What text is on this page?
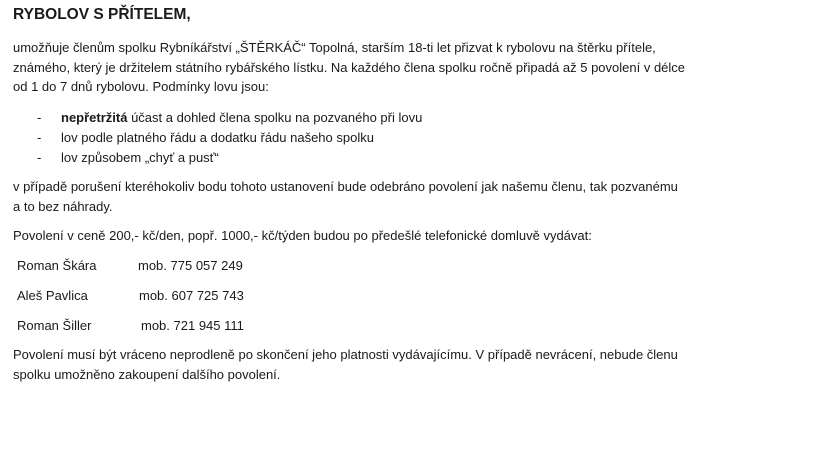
RYBOLOV S PŘÍTELEM,
umožňuje členům spolku Rybníkářství „ŠTĚRKÁČ“ Topolná, starším 18-ti let přizvat k rybolovu na štěrku přítele,
známého, který je držitelem státního rybářského lístku. Na každého člena spolku ročně připadá až 5 povolení v délce
od 1 do 7 dnů rybolovu. Podmínky lovu jsou:
- nepřetržitá účast a dohled člena spolku na pozvaného při lovu
- lov podle platného řádu a dodatku řádu našeho spolku
- lov způsobem „chyť a pusť“
v případě porušení kteréhokoliv bodu tohoto ustanovení bude odebráno povolení jak našemu členu, tak pozvanému
a to bez náhrady.
Povolení v ceně 200,- kč/den, popř. 1000,- kč/týden budou po předešlé telefonické domluvě vydávat:
Roman Škára	mob. 775 057 249
Aleš Pavlica	mob. 607 725 743
Roman Šiller	mob. 721 945 111
Povolení musí být vráceno neprodleně po skončení jeho platnosti vydávajícímu. V případě nevrácení, nebude členu
spolku umožněno zakoupení dalšího povolení.
